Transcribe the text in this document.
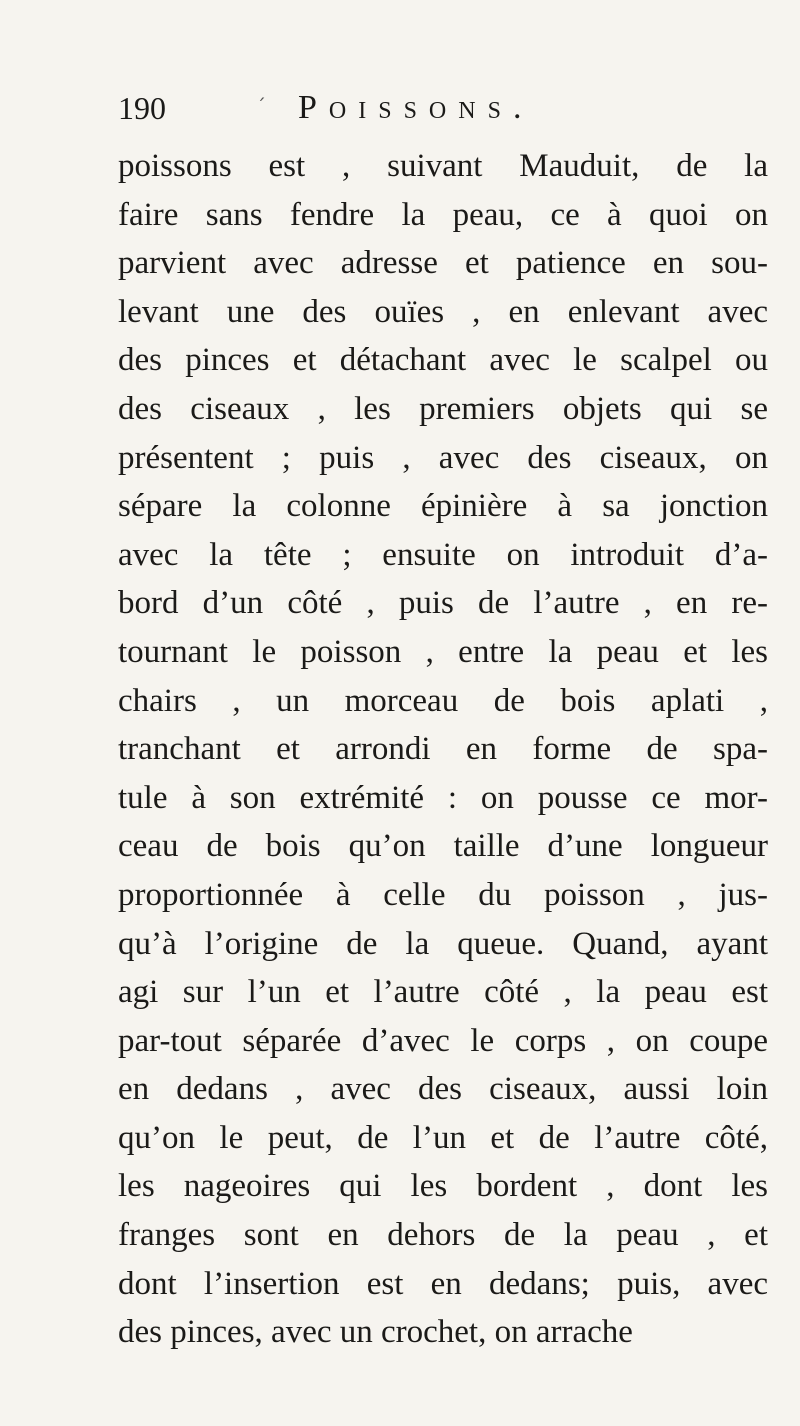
190	´ Poissons.
poissons est , suivant Mauduit, de la
faire sans fendre la peau, ce à quoi on
parvient avec adresse et patience en sou-
levant une des ouïes , en enlevant avec
des pinces et détachant avec le scalpel ou
des ciseaux , les premiers objets qui se
présentent ; puis , avec des ciseaux, on
sépare la colonne épinière à sa jonction
avec la tête ; ensuite on introduit d’a-
bord d’un côté , puis de l’autre , en re-
tournant le poisson , entre la peau et les
chairs , un morceau de bois aplati ,
tranchant et arrondi en forme de spa-
tule à son extrémité : on pousse ce mor-
ceau de bois qu’on taille d’une longueur
proportionnée à celle du poisson , jus-
qu’à l’origine de la queue. Quand, ayant
agi sur l’un et l’autre côté , la peau est
par-tout séparée d’avec le corps , on coupe
en dedans , avec des ciseaux, aussi loin
qu’on le peut, de l’un et de l’autre côté,
les nageoires qui les bordent , dont les
franges sont en dehors de la peau , et
dont l’insertion est en dedans; puis, avec
des pinces, avec un crochet, on arrache
